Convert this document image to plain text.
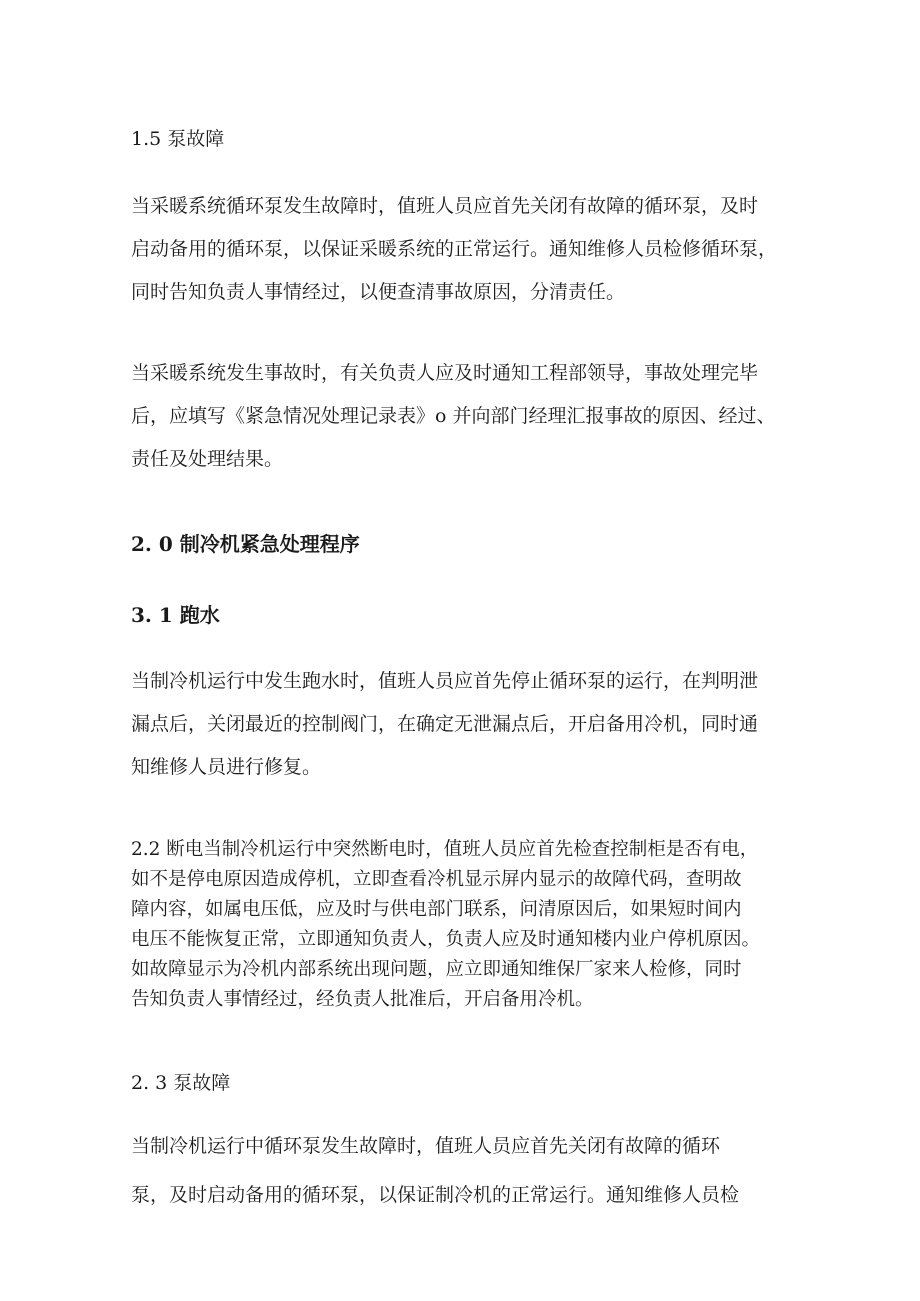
1.5 泵故障
当采暖系统循环泵发生故障时，值班人员应首先关闭有故障的循环泵，及时
启动备用的循环泵，以保证采暖系统的正常运行。通知维修人员检修循环泵，
同时告知负责人事情经过，以便查清事故原因，分清责任。
当采暖系统发生事故时，有关负责人应及时通知工程部领导，事故处理完毕
后，应填写《紧急情况处理记录表》o 并向部门经理汇报事故的原因、经过、
责任及处理结果。
2. 0 制冷机紧急处理程序
3. 1 跑水
当制冷机运行中发生跑水时，值班人员应首先停止循环泵的运行，在判明泄
漏点后，关闭最近的控制阀门，在确定无泄漏点后，开启备用冷机，同时通
知维修人员进行修复。
2.2 断电当制冷机运行中突然断电时，值班人员应首先检查控制柜是否有电，
如不是停电原因造成停机，立即查看冷机显示屏内显示的故障代码，查明故
障内容，如属电压低，应及时与供电部门联系，问清原因后，如果短时间内
电压不能恢复正常，立即通知负责人，负责人应及时通知楼内业户停机原因。
如故障显示为冷机内部系统出现问题，应立即通知维保厂家来人检修，同时
告知负责人事情经过，经负责人批准后，开启备用冷机。
2. 3 泵故障
当制冷机运行中循环泵发生故障时，值班人员应首先关闭有故障的循环
泵，及时启动备用的循环泵，以保证制冷机的正常运行。通知维修人员检
